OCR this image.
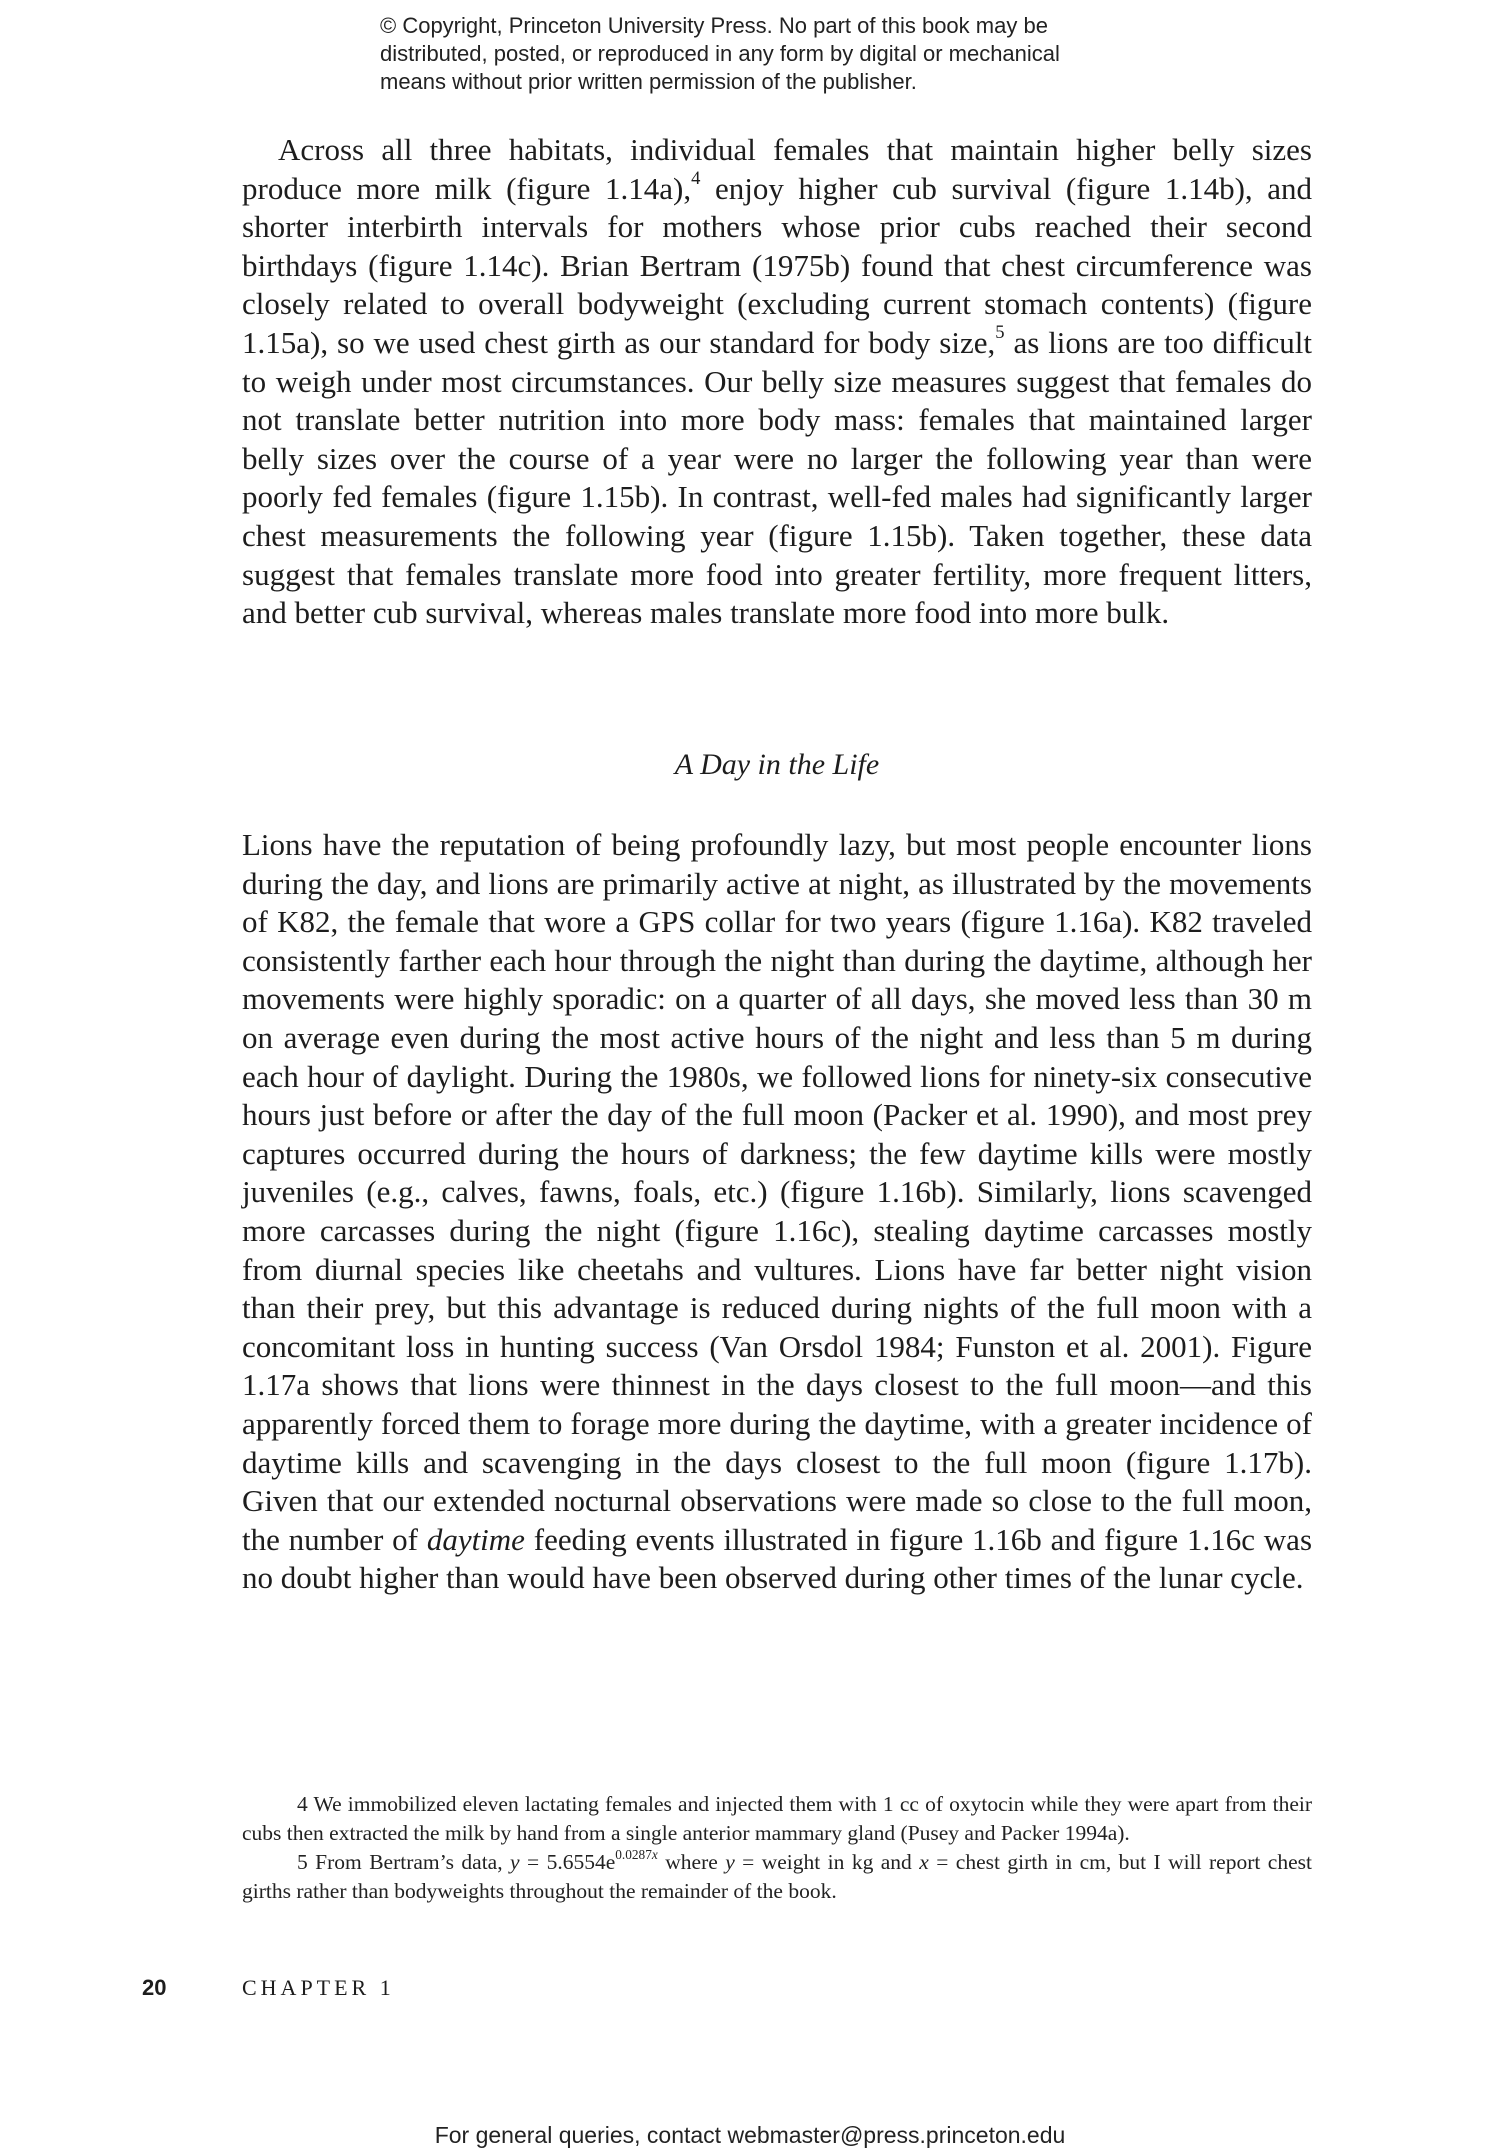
© Copyright, Princeton University Press. No part of this book may be
distributed, posted, or reproduced in any form by digital or mechanical
means without prior written permission of the publisher.

Across all three habitats, individual females that maintain higher belly sizes produce more milk (figure 1.14a),$^4$ enjoy higher cub survival (figure 1.14b), and shorter interbirth intervals for mothers whose prior cubs reached their second birthdays (figure 1.14c). Brian Bertram (1975b) found that chest circumference was closely related to overall bodyweight (excluding current stomach contents) (figure 1.15a), so we used chest girth as our standard for body size,$^5$ as lions are too difficult to weigh under most circumstances. Our belly size measures suggest that females do not translate better nutrition into more body mass: females that maintained larger belly sizes over the course of a year were no larger the following year than were poorly fed females (figure 1.15b). In contrast, well-fed males had significantly larger chest measurements the following year (figure 1.15b). Taken together, these data suggest that females translate more food into greater fertility, more frequent litters, and better cub survival, whereas males translate more food into more bulk.

A Day in the Life

Lions have the reputation of being profoundly lazy, but most people encounter lions during the day, and lions are primarily active at night, as illustrated by the movements of K82, the female that wore a GPS collar for two years (figure 1.16a). K82 traveled consistently farther each hour through the night than during the daytime, although her movements were highly sporadic: on a quarter of all days, she moved less than 30 m on average even during the most active hours of the night and less than 5 m during each hour of daylight. During the 1980s, we followed lions for ninety-six consecutive hours just before or after the day of the full moon (Packer et al. 1990), and most prey captures occurred during the hours of darkness; the few daytime kills were mostly juveniles (e.g., calves, fawns, foals, etc.) (figure 1.16b). Similarly, lions scavenged more carcasses during the night (figure 1.16c), stealing daytime carcasses mostly from diurnal species like cheetahs and vultures. Lions have far better night vision than their prey, but this advantage is reduced during nights of the full moon with a concomitant loss in hunting success (Van Orsdol 1984; Funston et al. 2001). Figure 1.17a shows that lions were thinnest in the days closest to the full moon—and this apparently forced them to forage more during the daytime, with a greater incidence of daytime kills and scavenging in the days closest to the full moon (figure 1.17b). Given that our extended nocturnal observations were made so close to the full moon, the number of daytime feeding events illustrated in figure 1.16b and figure 1.16c was no doubt higher than would have been observed during other times of the lunar cycle.

4 We immobilized eleven lactating females and injected them with 1 cc of oxytocin while they were apart from their cubs then extracted the milk by hand from a single anterior mammary gland (Pusey and Packer 1994a).

5 From Bertram’s data, y = 5.6554e$^{0.0287x}$ where y = weight in kg and x = chest girth in cm, but I will report chest girths rather than bodyweights throughout the remainder of the book.

20	CHAPTER 1
For general queries, contact webmaster@press.princeton.edu
